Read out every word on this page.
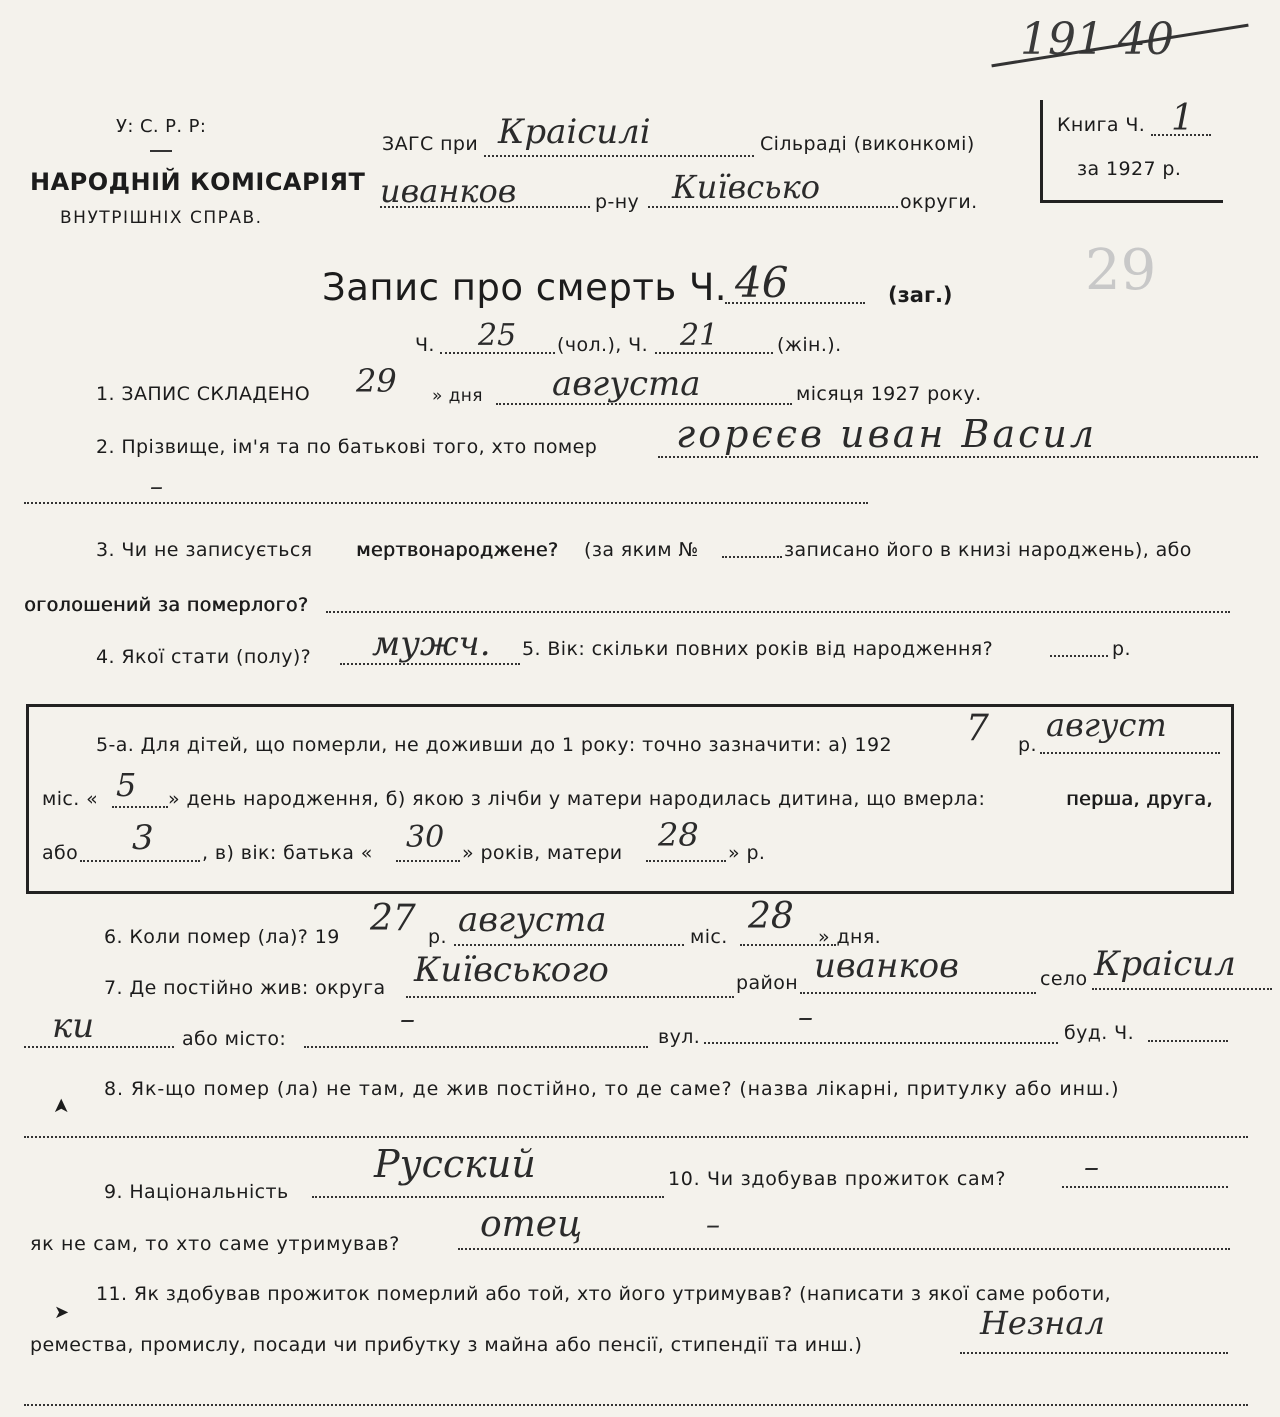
191 40
29
У: С. Р. Р:
НАРОДНІЙ КОМІСАРІЯТ
ВНУТРІШНІХ СПРАВ.
ЗАГС при Краісилі	Сільраді (виконкомі)
иванков	р-ну Київсько	округи.
Книга Ч. 1
за 1927 р.
Запис про смерть Ч. 46	(заг.)
Ч. 25 (чол.), Ч. 21	(жін.).
1. ЗАПИС СКЛАДЕНО 29 » дня августа	місяця 1927 року.
2. Прізвище, ім'я та по батькові того, хто помер горєєв иван Васил
–
3. Чи не записується мертвонароджене? (за яким №	записано його в книзі народжень), або
оголошений за померлого?
4. Якої стати (полу)? мужч. 5. Вік: скільки повних років від народження?	р.
5-а. Для дітей, що померли, не доживши до 1 року: точно зазначити: а) 192 7 р.
август
міс. « 5 » день народження, б) якою з лічби у матери народилась дитина, що вмерла:	перша, друга,
або 3	, в) вік: батька « 30 » років, матери 28 » р.
6. Коли помер (ла)? 19 27 р. августа	міс. 28 » дня.
7. Де постійно жив: округа Київського	район иванков	село Краісил
ки	або місто:
–	вул.
–	буд. Ч.
➤
8. Як-що помер (ла) не там, де жив постійно, то де саме? (назва лікарні, притулку або инш.)
9. Національність
Русский	10. Чи здобував прожиток сам?	–
як не сам, то хто саме утримував? отец	–
➤
11. Як здобував прожиток померлий або той, хто його утримував? (написати з якої саме роботи,
ремества, промислу, посади чи прибутку з майна або пенсії, стипендії та инш.)
Незнал
